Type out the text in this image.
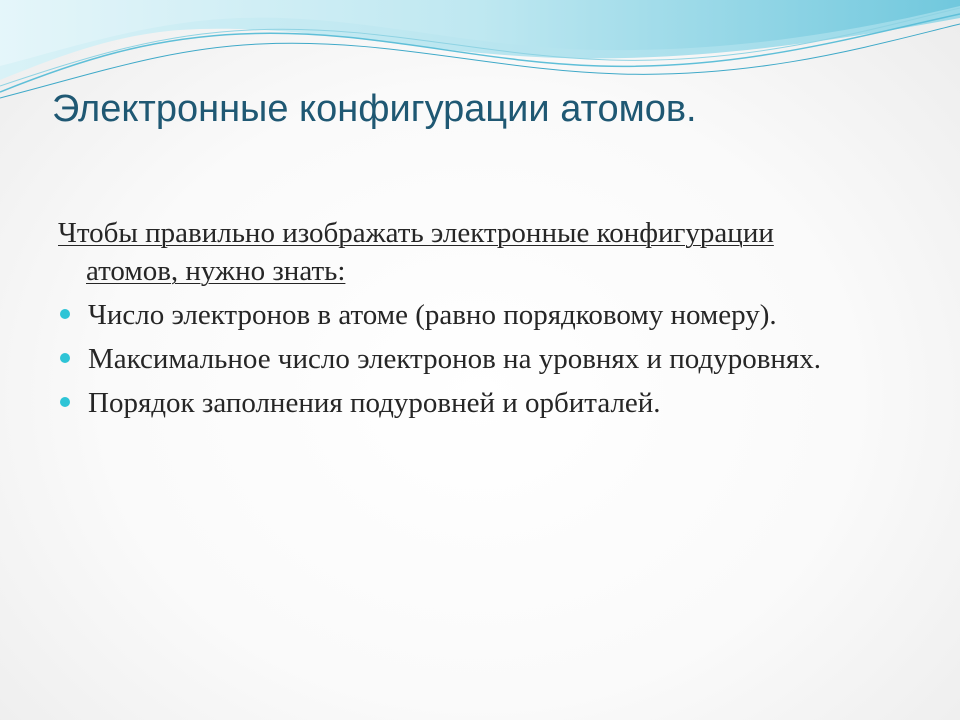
Электронные конфигурации атомов.

Чтобы правильно изображать электронные конфигурации атомов, нужно знать:

Число электронов в атоме (равно порядковому номеру).
Максимальное число электронов на уровнях и подуровнях.
Порядок заполнения подуровней и орбиталей.
